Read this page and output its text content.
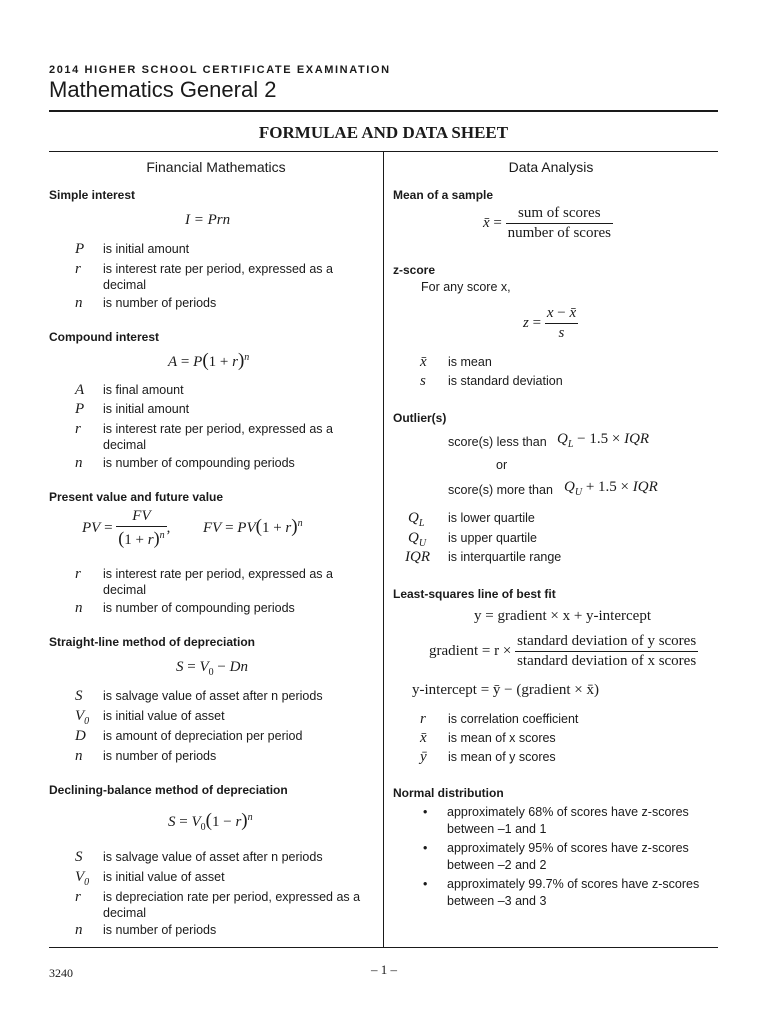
2014 HIGHER SCHOOL CERTIFICATE EXAMINATION
Mathematics General 2
FORMULAE AND DATA SHEET
Financial Mathematics
Simple interest
I = Prn
P is initial amount
r is interest rate per period, expressed as a decimal
n is number of periods
Compound interest
$A = P(1 + r)^n$
A is final amount
P is initial amount
r is interest rate per period, expressed as a decimal
n is number of compounding periods
Present value and future value
PV = $\frac{FV}{(1 + r)^n}$ , FV = $PV(1 + r)^n$
r is interest rate per period, expressed as a decimal
n is number of compounding periods
Straight-line method of depreciation
$S = V_0 - Dn$
S is salvage value of asset after n periods
$V_0$ is initial value of asset
D is amount of depreciation per period
n is number of periods
Declining-balance method of depreciation
$S = V_0(1 - r)^n$
S is salvage value of asset after n periods
$V_0$ is initial value of asset
r is depreciation rate per period, expressed as a decimal
n is number of periods
Data Analysis
Mean of a sample
x̄ = $\frac{\text{sum of scores}}{\text{number of scores}}$
z-score
For any score x,
$z = \frac{x - x̄}{s}$
x̄ is mean
s is standard deviation
Outlier(s)
score(s) less than $Q_L - 1.5$ × IQR
or
score(s) more than $Q_U + 1.5$ × IQR
$Q_L$ is lower quartile
$Q_U$ is upper quartile
IQR is interquartile range
Least-squares line of best fit
y = gradient × x + y-intercept
gradient = $r \times \frac{\text{standard deviation of y scores}}{\text{standard deviation of x scores}}$
y-intercept = ȳ − (gradient × x̄)
r is correlation coefficient
x̄ is mean of x scores
ȳ is mean of y scores
Normal distribution
• approximately 68% of scores have z-scores between –1 and 1
• approximately 95% of scores have z-scores between –2 and 2
• approximately 99.7% of scores have z-scores between –3 and 3
3240	– 1 –
